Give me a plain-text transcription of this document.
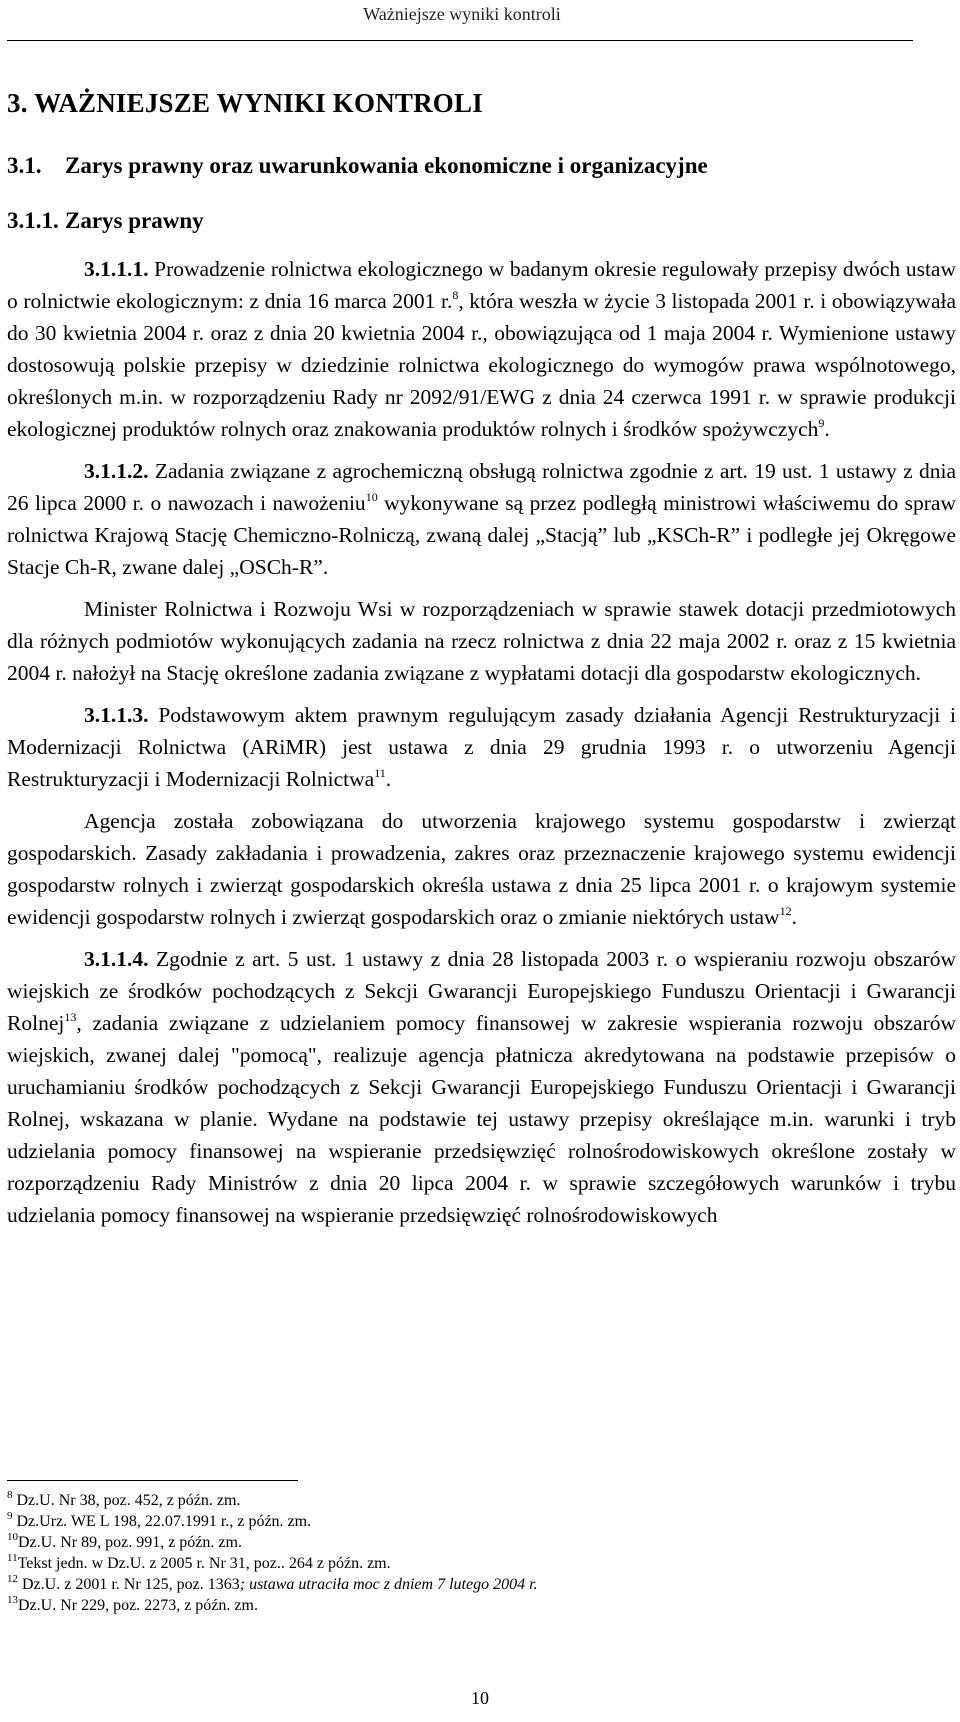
Ważniejsze wyniki kontroli
3. WAŻNIEJSZE WYNIKI KONTROLI
3.1. Zarys prawny oraz uwarunkowania ekonomiczne i organizacyjne
3.1.1. Zarys prawny

3.1.1.1. Prowadzenie rolnictwa ekologicznego w badanym okresie regulowały przepisy dwóch ustaw o rolnictwie ekologicznym: z dnia 16 marca 2001 r.$^8$, która weszła w życie 3 listopada 2001 r. i obowiązywała do 30 kwietnia 2004 r. oraz z dnia 20 kwietnia 2004 r., obowiązująca od 1 maja 2004 r. Wymienione ustawy dostosowują polskie przepisy w dziedzinie rolnictwa ekologicznego do wymogów prawa wspólnotowego, określonych m.in. w rozporządzeniu Rady nr 2092/91/EWG z dnia 24 czerwca 1991 r. w sprawie produkcji ekologicznej produktów rolnych oraz znakowania produktów rolnych i środków spożywczych$^9$.

3.1.1.2. Zadania związane z agrochemiczną obsługą rolnictwa zgodnie z art. 19 ust. 1 ustawy z dnia 26 lipca 2000 r. o nawozach i nawożeniu$^{10}$ wykonywane są przez podległą ministrowi właściwemu do spraw rolnictwa Krajową Stację Chemiczno-Rolniczą, zwaną dalej „Stacją” lub „KSCh-R” i podległe jej Okręgowe Stacje Ch-R, zwane dalej „OSCh-R”.

Minister Rolnictwa i Rozwoju Wsi w rozporządzeniach w sprawie stawek dotacji przedmiotowych dla różnych podmiotów wykonujących zadania na rzecz rolnictwa z dnia 22 maja 2002 r. oraz z 15 kwietnia 2004 r. nałożył na Stację określone zadania związane z wypłatami dotacji dla gospodarstw ekologicznych.

3.1.1.3. Podstawowym aktem prawnym regulującym zasady działania Agencji Restrukturyzacji i Modernizacji Rolnictwa (ARiMR) jest ustawa z dnia 29 grudnia 1993 r. o utworzeniu Agencji Restrukturyzacji i Modernizacji Rolnictwa$^{11}$.

Agencja została zobowiązana do utworzenia krajowego systemu gospodarstw i zwierząt gospodarskich. Zasady zakładania i prowadzenia, zakres oraz przeznaczenie krajowego systemu ewidencji gospodarstw rolnych i zwierząt gospodarskich określa ustawa z dnia 25 lipca 2001 r. o krajowym systemie ewidencji gospodarstw rolnych i zwierząt gospodarskich oraz o zmianie niektórych ustaw$^{12}$.

3.1.1.4. Zgodnie z art. 5 ust. 1 ustawy z dnia 28 listopada 2003 r. o wspieraniu rozwoju obszarów wiejskich ze środków pochodzących z Sekcji Gwarancji Europejskiego Funduszu Orientacji i Gwarancji Rolnej$^{13}$, zadania związane z udzielaniem pomocy finansowej w zakresie wspierania rozwoju obszarów wiejskich, zwanej dalej "pomocą", realizuje agencja płatnicza akredytowana na podstawie przepisów o uruchamianiu środków pochodzących z Sekcji Gwarancji Europejskiego Funduszu Orientacji i Gwarancji Rolnej, wskazana w planie. Wydane na podstawie tej ustawy przepisy określające m.in. warunki i tryb udzielania pomocy finansowej na wspieranie przedsięwzięć rolnośrodowiskowych określone zostały w rozporządzeniu Rady Ministrów z dnia 20 lipca 2004 r. w sprawie szczegółowych warunków i trybu udzielania pomocy finansowej na wspieranie przedsięwzięć rolnośrodowiskowych

$^8$ Dz.U. Nr 38, poz. 452, z późn. zm.
$^9$ Dz.Urz. WE L 198, 22.07.1991 r., z późn. zm.
$^{10}$Dz.U. Nr 89, poz. 991, z późn. zm.
$^{11}$Tekst jedn. w Dz.U. z 2005 r. Nr 31, poz.. 264 z późn. zm.
$^{12}$ Dz.U. z 2001 r. Nr 125, poz. 1363; ustawa utraciła moc z dniem 7 lutego 2004 r.
$^{13}$Dz.U. Nr 229, poz. 2273, z późn. zm.
10
